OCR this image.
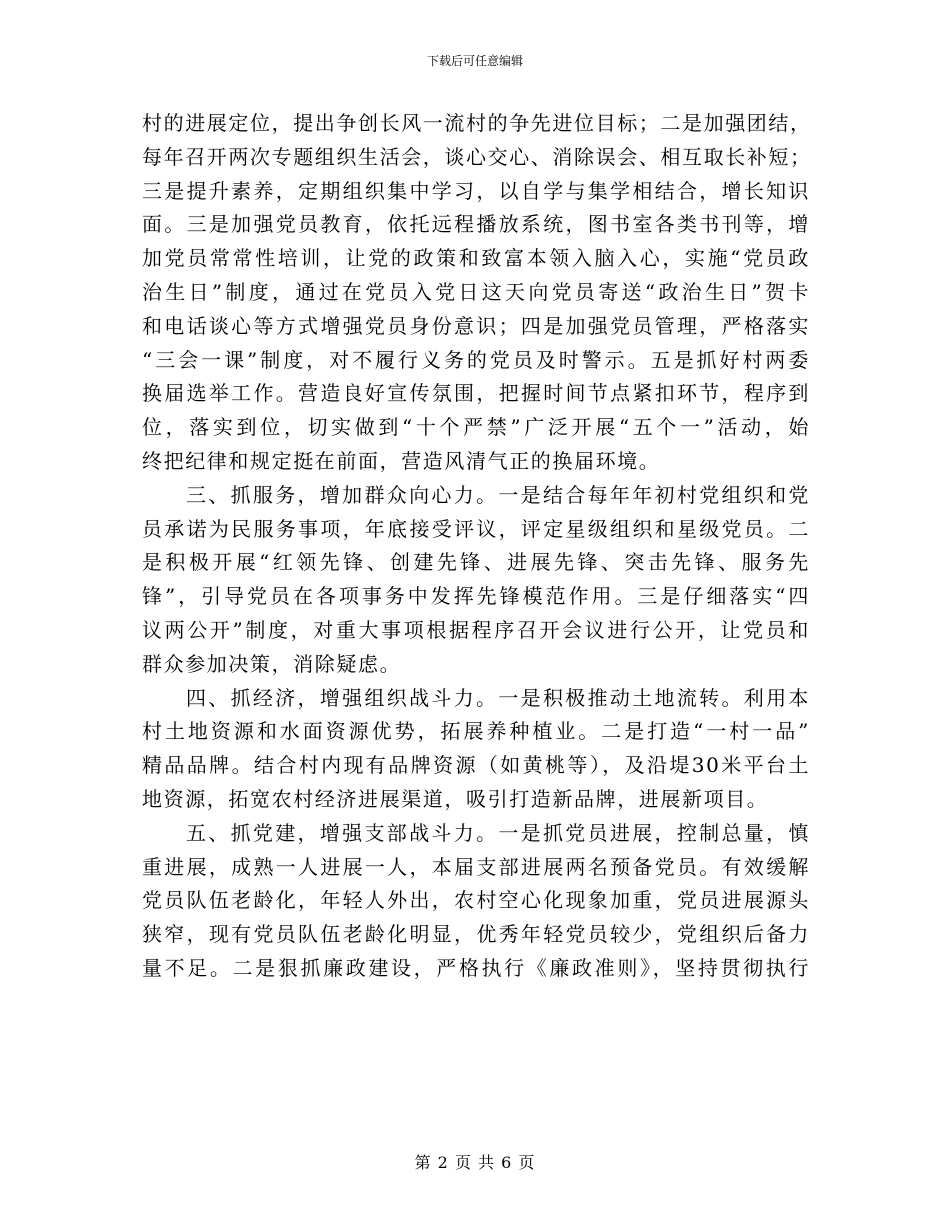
下载后可任意编辑
村的进展定位，提出争创长风一流村的争先进位目标；二是加强团结，
每年召开两次专题组织生活会，谈心交心、消除误会、相互取长补短；
三是提升素养，定期组织集中学习，以自学与集学相结合，增长知识
面。三是加强党员教育，依托远程播放系统，图书室各类书刊等，增
加党员常常性培训，让党的政策和致富本领入脑入心，实施“党员政
治生日”制度，通过在党员入党日这天向党员寄送“政治生日”贺卡
和电话谈心等方式增强党员身份意识；四是加强党员管理，严格落实
“三会一课”制度，对不履行义务的党员及时警示。五是抓好村两委
换届选举工作。营造良好宣传氛围，把握时间节点紧扣环节，程序到
位，落实到位，切实做到“十个严禁”广泛开展“五个一”活动，始
终把纪律和规定挺在前面，营造风清气正的换届环境。
三、抓服务，增加群众向心力。一是结合每年年初村党组织和党
员承诺为民服务事项，年底接受评议，评定星级组织和星级党员。二
是积极开展“红领先锋、创建先锋、进展先锋、突击先锋、服务先
锋”，引导党员在各项事务中发挥先锋模范作用。三是仔细落实“四
议两公开”制度，对重大事项根据程序召开会议进行公开，让党员和
群众参加决策，消除疑虑。
四、抓经济，增强组织战斗力。一是积极推动土地流转。利用本
村土地资源和水面资源优势，拓展养种植业。二是打造“一村一品”
精品品牌。结合村内现有品牌资源（如黄桃等），及沿堤30米平台土
地资源，拓宽农村经济进展渠道，吸引打造新品牌，进展新项目。
五、抓党建，增强支部战斗力。一是抓党员进展，控制总量，慎
重进展，成熟一人进展一人，本届支部进展两名预备党员。有效缓解
党员队伍老龄化，年轻人外出，农村空心化现象加重，党员进展源头
狭窄，现有党员队伍老龄化明显，优秀年轻党员较少，党组织后备力
量不足。二是狠抓廉政建设，严格执行《廉政准则》，坚持贯彻执行
第 2 页 共 6 页
